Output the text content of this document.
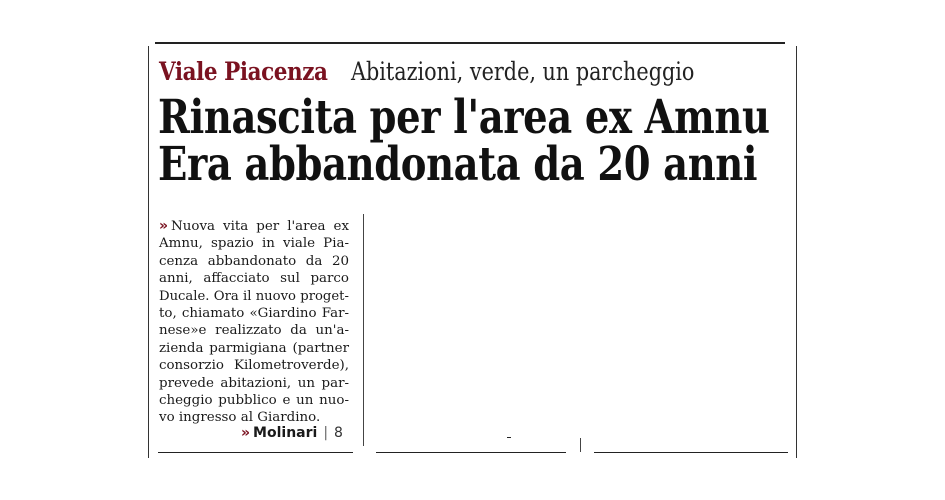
Viale Piacenza Abitazioni, verde, un parcheggio
Rinascita per l'area ex Amnu
Era abbandonata da 20 anni
» Nuova vita per l'area ex
Amnu, spazio in viale Pia-
cenza abbandonato da 20
anni, affacciato sul parco
Ducale. Ora il nuovo proget-
to, chiamato «Giardino Far-
nese»e realizzato da un'a-
zienda parmigiana (partner
consorzio Kilometroverde),
prevede abitazioni, un par-
cheggio pubblico e un nuo-
vo ingresso al Giardino.
» Molinari | 8
